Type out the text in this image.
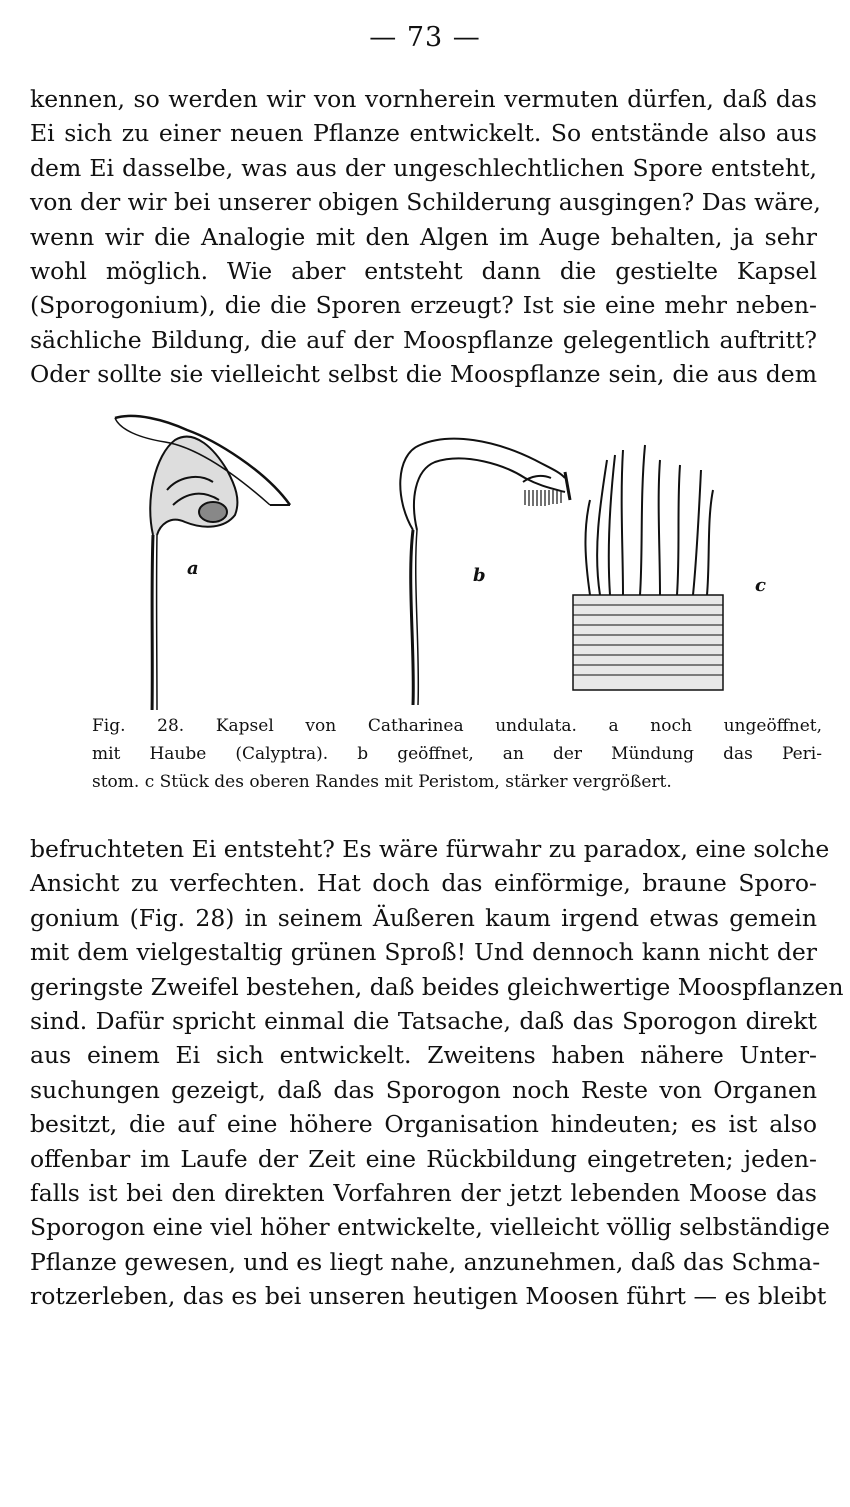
— 73 —

kennen, so werden wir von vornherein vermuten dürfen, daß das
Ei sich zu einer neuen Pflanze entwickelt. So entstände also aus
dem Ei dasselbe, was aus der ungeschlechtlichen Spore entsteht,
von der wir bei unserer obigen Schilderung ausgingen? Das wäre,
wenn wir die Analogie mit den Algen im Auge behalten, ja sehr
wohl möglich. Wie aber entsteht dann die gestielte Kapsel
(Sporogonium), die die Sporen erzeugt? Ist sie eine mehr neben-
sächliche Bildung, die auf der Moospflanze gelegentlich auftritt?
Oder sollte sie vielleicht selbst die Moospflanze sein, die aus dem

a	b	c
Fig. 28. Kapsel von Catharinea undulata. a noch ungeöffnet,
mit Haube (Calyptra). b geöffnet, an der Mündung das Peri-
stom. c Stück des oberen Randes mit Peristom, stärker vergrößert.

befruchteten Ei entsteht? Es wäre fürwahr zu paradox, eine solche
Ansicht zu verfechten. Hat doch das einförmige, braune Sporo-
gonium (Fig. 28) in seinem Äußeren kaum irgend etwas gemein
mit dem vielgestaltig grünen Sproß! Und dennoch kann nicht der
geringste Zweifel bestehen, daß beides gleichwertige Moospflanzen
sind. Dafür spricht einmal die Tatsache, daß das Sporogon direkt
aus einem Ei sich entwickelt. Zweitens haben nähere Unter-
suchungen gezeigt, daß das Sporogon noch Reste von Organen
besitzt, die auf eine höhere Organisation hindeuten; es ist also
offenbar im Laufe der Zeit eine Rückbildung eingetreten; jeden-
falls ist bei den direkten Vorfahren der jetzt lebenden Moose das
Sporogon eine viel höher entwickelte, vielleicht völlig selbständige
Pflanze gewesen, und es liegt nahe, anzunehmen, daß das Schma-
rotzerleben, das es bei unseren heutigen Moosen führt — es bleibt
